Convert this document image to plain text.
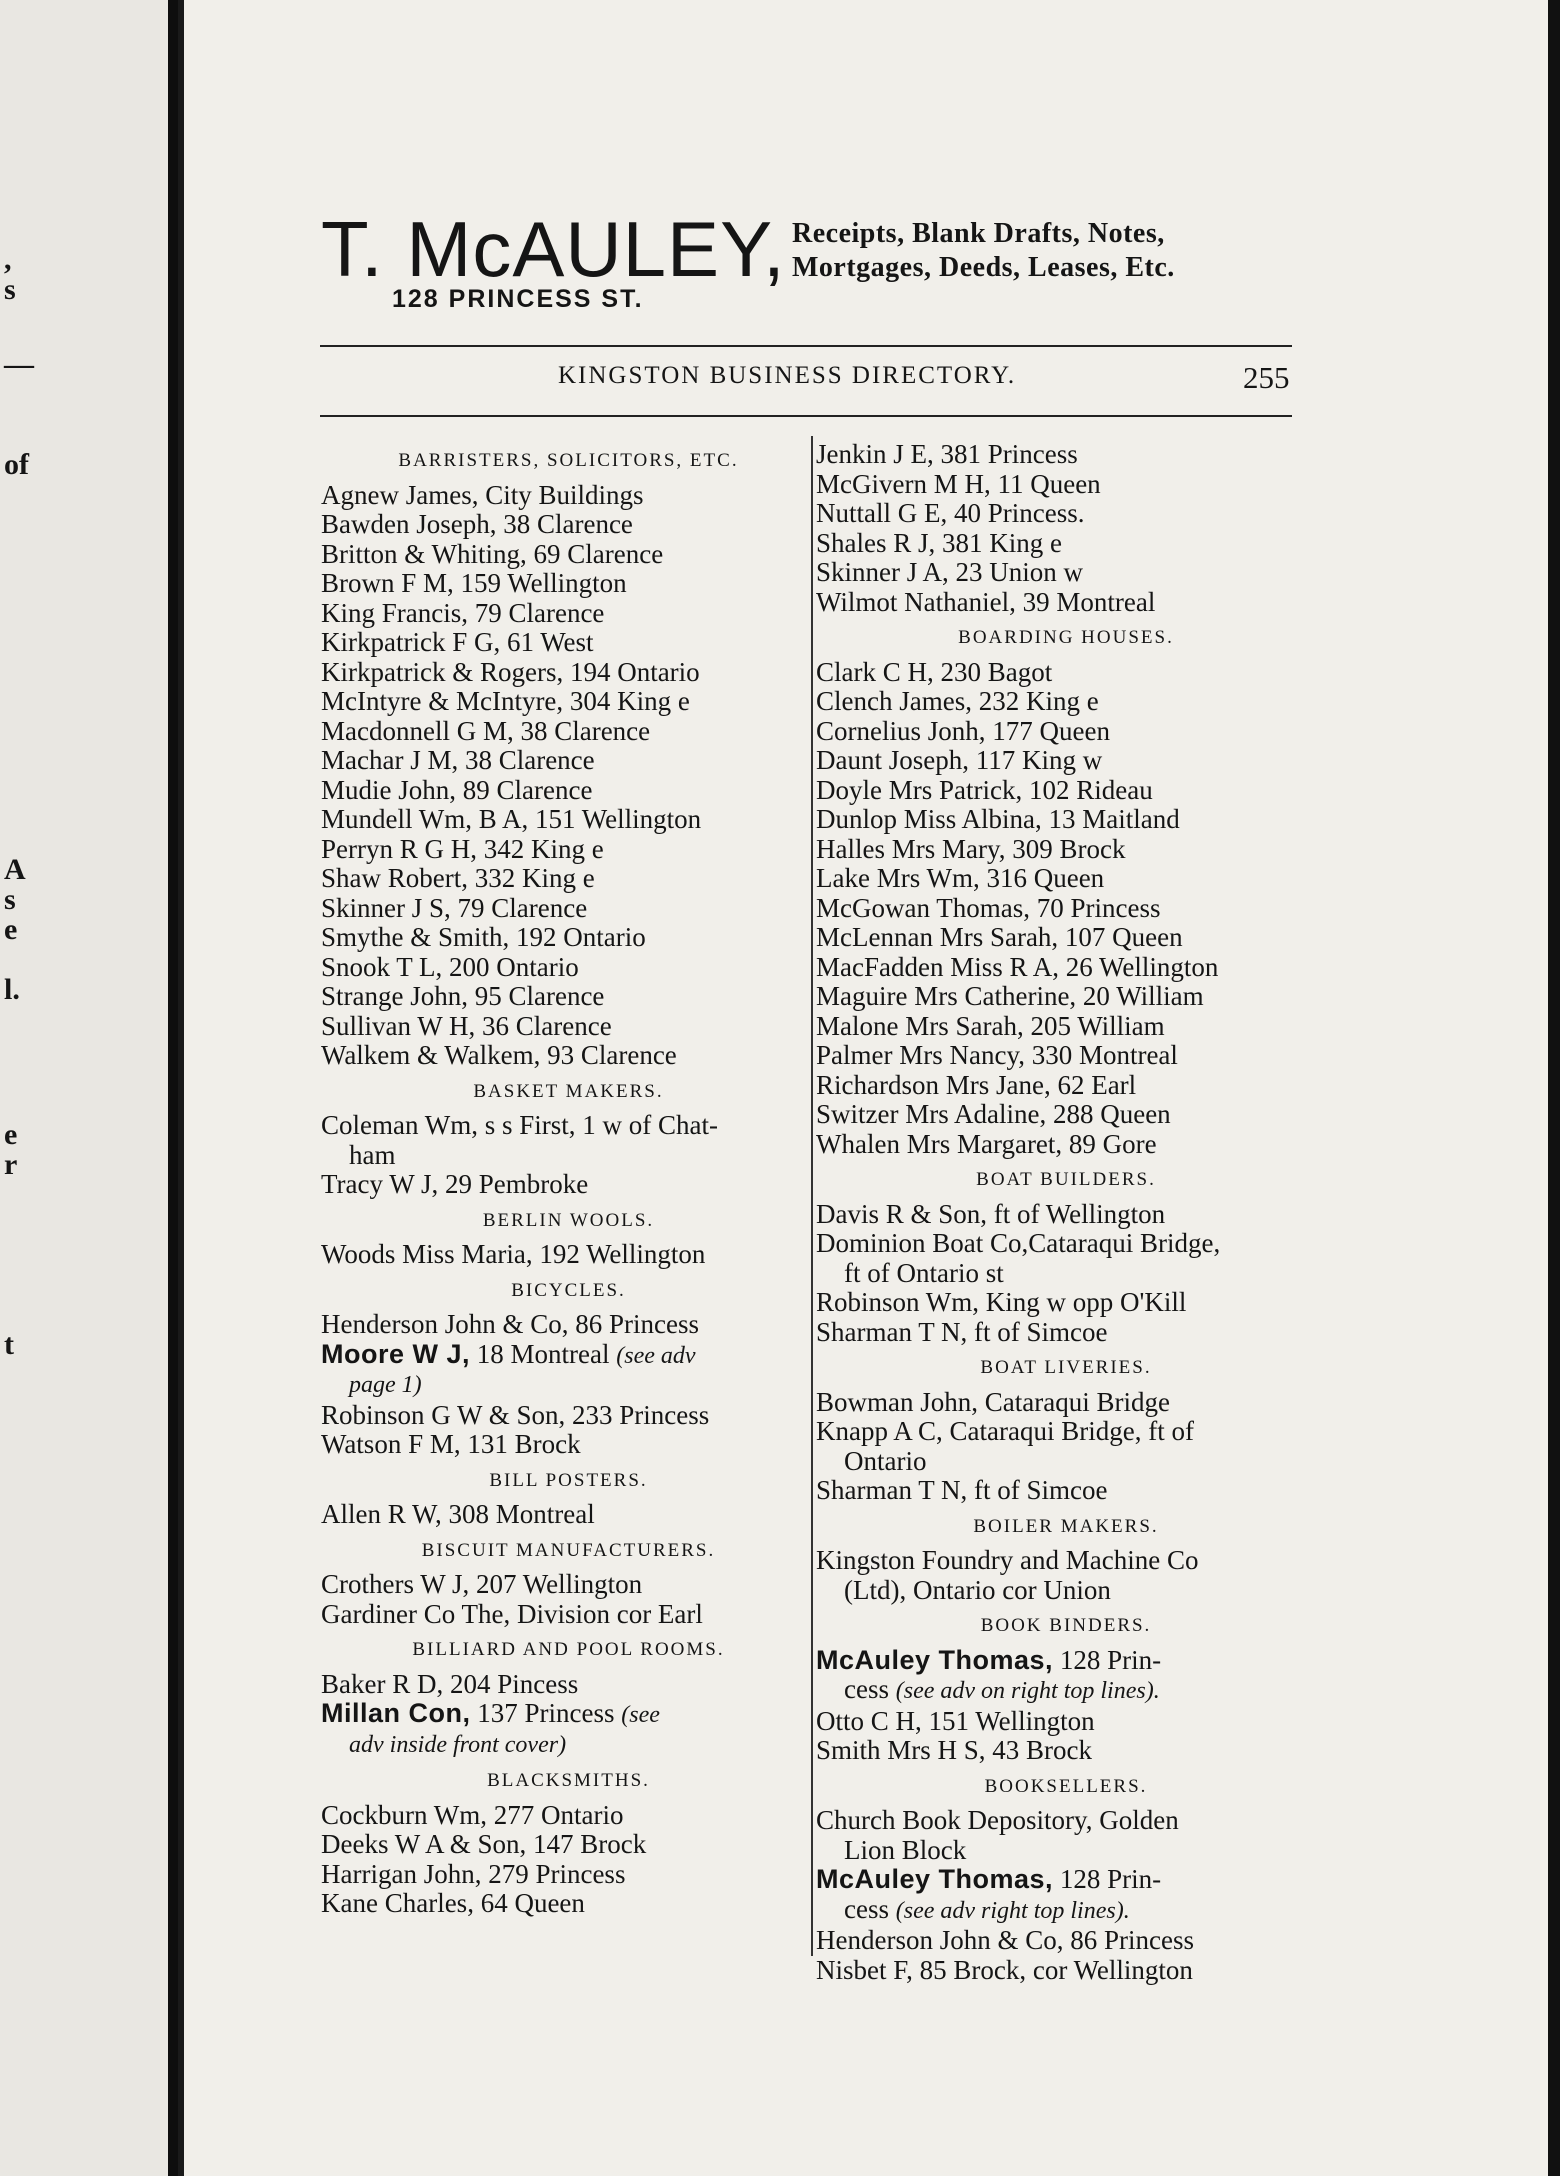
,
s
—
of
A
s
e
l.
e
r
t
T. McAULEY,
128 PRINCESS ST.
Receipts, Blank Drafts, Notes,
Mortgages, Deeds, Leases, Etc.
KINGSTON BUSINESS DIRECTORY.	255
BARRISTERS, SOLICITORS, ETC.
Agnew James, City Buildings
Bawden Joseph, 38 Clarence
Britton & Whiting, 69 Clarence
Brown F M, 159 Wellington
King Francis, 79 Clarence
Kirkpatrick F G, 61 West
Kirkpatrick & Rogers, 194 Ontario
McIntyre & McIntyre, 304 King e
Macdonnell G M, 38 Clarence
Machar J M, 38 Clarence
Mudie John, 89 Clarence
Mundell Wm, B A, 151 Wellington
Perryn R G H, 342 King e
Shaw Robert, 332 King e
Skinner J S, 79 Clarence
Smythe & Smith, 192 Ontario
Snook T L, 200 Ontario
Strange John, 95 Clarence
Sullivan W H, 36 Clarence
Walkem & Walkem, 93 Clarence
BASKET MAKERS.
Coleman Wm, s s First, 1 w of Chat-
ham
Tracy W J, 29 Pembroke
BERLIN WOOLS.
Woods Miss Maria, 192 Wellington
BICYCLES.
Henderson John & Co, 86 Princess
Moore W J, 18 Montreal (see adv
page 1)
Robinson G W & Son, 233 Princess
Watson F M, 131 Brock
BILL POSTERS.
Allen R W, 308 Montreal
BISCUIT MANUFACTURERS.
Crothers W J, 207 Wellington
Gardiner Co The, Division cor Earl
BILLIARD AND POOL ROOMS.
Baker R D, 204 Pincess
Millan Con, 137 Princess (see
adv inside front cover)
BLACKSMITHS.
Cockburn Wm, 277 Ontario
Deeks W A & Son, 147 Brock
Harrigan John, 279 Princess
Kane Charles, 64 Queen
Jenkin J E, 381 Princess
McGivern M H, 11 Queen
Nuttall G E, 40 Princess.
Shales R J, 381 King e
Skinner J A, 23 Union w
Wilmot Nathaniel, 39 Montreal
BOARDING HOUSES.
Clark C H, 230 Bagot
Clench James, 232 King e
Cornelius Jonh, 177 Queen
Daunt Joseph, 117 King w
Doyle Mrs Patrick, 102 Rideau
Dunlop Miss Albina, 13 Maitland
Halles Mrs Mary, 309 Brock
Lake Mrs Wm, 316 Queen
McGowan Thomas, 70 Princess
McLennan Mrs Sarah, 107 Queen
MacFadden Miss R A, 26 Wellington
Maguire Mrs Catherine, 20 William
Malone Mrs Sarah, 205 William
Palmer Mrs Nancy, 330 Montreal
Richardson Mrs Jane, 62 Earl
Switzer Mrs Adaline, 288 Queen
Whalen Mrs Margaret, 89 Gore
BOAT BUILDERS.
Davis R & Son, ft of Wellington
Dominion Boat Co,Cataraqui Bridge,
ft of Ontario st
Robinson Wm, King w opp O'Kill
Sharman T N, ft of Simcoe
BOAT LIVERIES.
Bowman John, Cataraqui Bridge
Knapp A C, Cataraqui Bridge, ft of
Ontario
Sharman T N, ft of Simcoe
BOILER MAKERS.
Kingston Foundry and Machine Co
(Ltd), Ontario cor Union
BOOK BINDERS.
McAuley Thomas, 128 Prin-
cess (see adv on right top lines).
Otto C H, 151 Wellington
Smith Mrs H S, 43 Brock
BOOKSELLERS.
Church Book Depository, Golden
Lion Block
McAuley Thomas, 128 Prin-
cess (see adv right top lines).
Henderson John & Co, 86 Princess
Nisbet F, 85 Brock, cor Wellington
